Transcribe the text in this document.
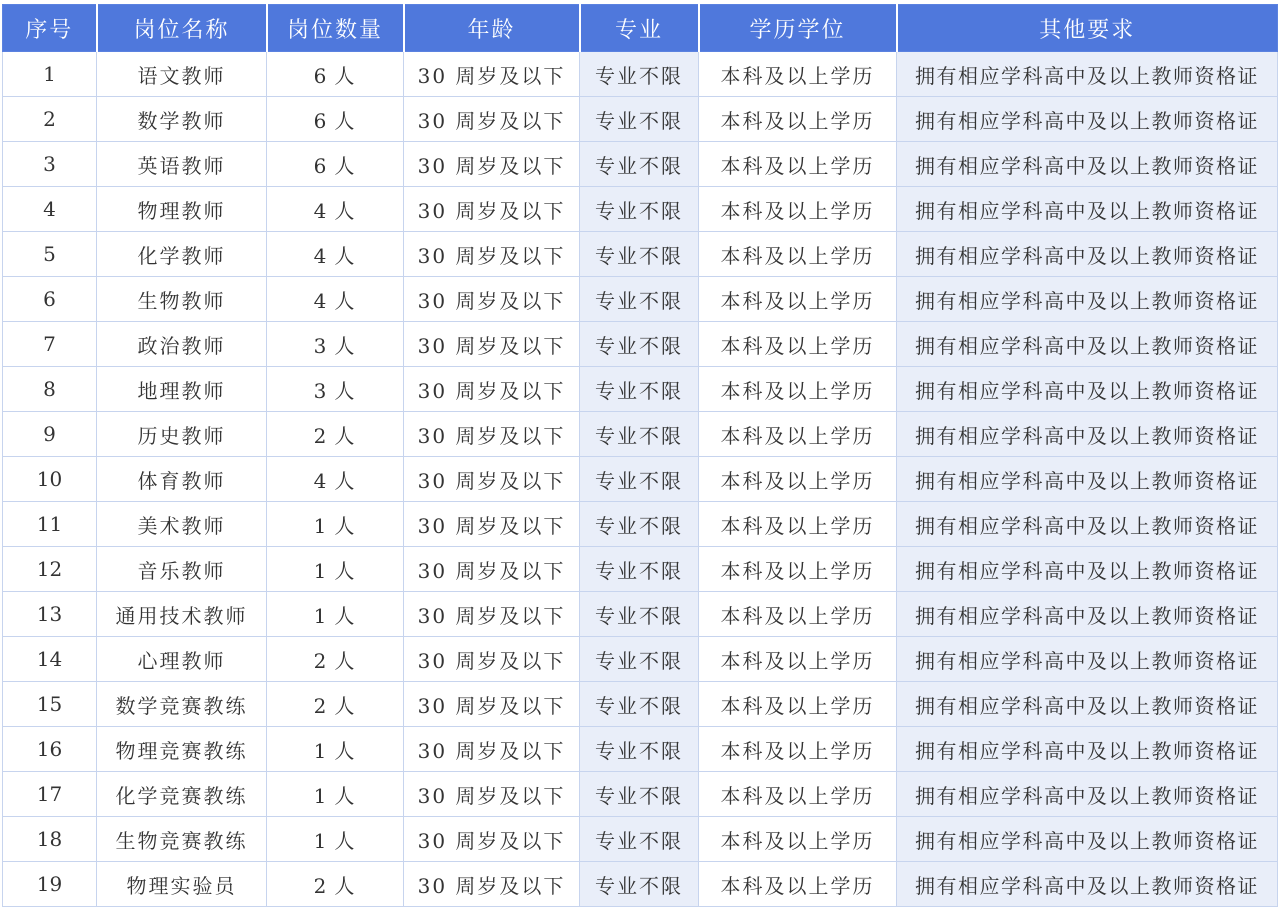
序号	岗位名称	岗位数量	年龄	专业	学历学位	其他要求
1	语文教师	6 人	30 周岁及以下	专业不限	本科及以上学历	拥有相应学科高中及以上教师资格证
2	数学教师	6 人	30 周岁及以下	专业不限	本科及以上学历	拥有相应学科高中及以上教师资格证
3	英语教师	6 人	30 周岁及以下	专业不限	本科及以上学历	拥有相应学科高中及以上教师资格证
4	物理教师	4 人	30 周岁及以下	专业不限	本科及以上学历	拥有相应学科高中及以上教师资格证
5	化学教师	4 人	30 周岁及以下	专业不限	本科及以上学历	拥有相应学科高中及以上教师资格证
6	生物教师	4 人	30 周岁及以下	专业不限	本科及以上学历	拥有相应学科高中及以上教师资格证
7	政治教师	3 人	30 周岁及以下	专业不限	本科及以上学历	拥有相应学科高中及以上教师资格证
8	地理教师	3 人	30 周岁及以下	专业不限	本科及以上学历	拥有相应学科高中及以上教师资格证
9	历史教师	2 人	30 周岁及以下	专业不限	本科及以上学历	拥有相应学科高中及以上教师资格证
10	体育教师	4 人	30 周岁及以下	专业不限	本科及以上学历	拥有相应学科高中及以上教师资格证
11	美术教师	1 人	30 周岁及以下	专业不限	本科及以上学历	拥有相应学科高中及以上教师资格证
12	音乐教师	1 人	30 周岁及以下	专业不限	本科及以上学历	拥有相应学科高中及以上教师资格证
13	通用技术教师	1 人	30 周岁及以下	专业不限	本科及以上学历	拥有相应学科高中及以上教师资格证
14	心理教师	2 人	30 周岁及以下	专业不限	本科及以上学历	拥有相应学科高中及以上教师资格证
15	数学竞赛教练	2 人	30 周岁及以下	专业不限	本科及以上学历	拥有相应学科高中及以上教师资格证
16	物理竞赛教练	1 人	30 周岁及以下	专业不限	本科及以上学历	拥有相应学科高中及以上教师资格证
17	化学竞赛教练	1 人	30 周岁及以下	专业不限	本科及以上学历	拥有相应学科高中及以上教师资格证
18	生物竞赛教练	1 人	30 周岁及以下	专业不限	本科及以上学历	拥有相应学科高中及以上教师资格证
19	物理实验员	2 人	30 周岁及以下	专业不限	本科及以上学历	拥有相应学科高中及以上教师资格证
